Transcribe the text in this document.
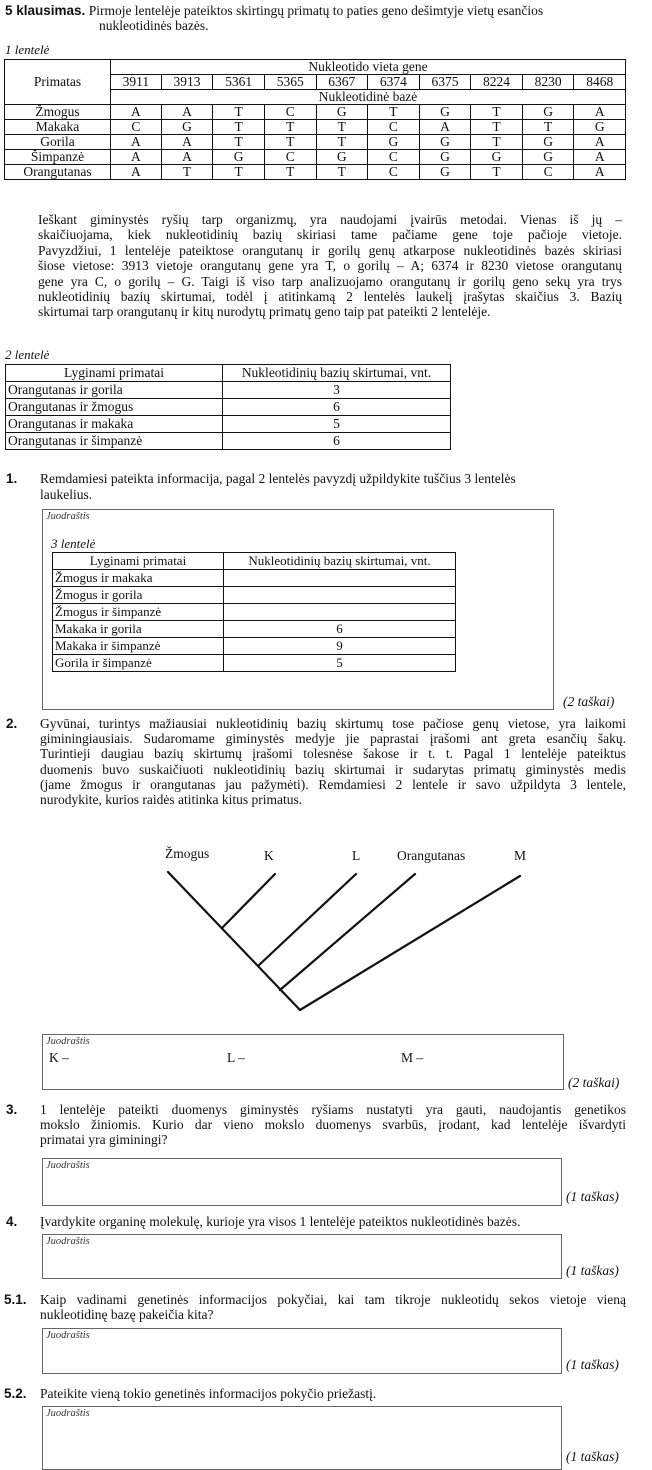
5 klausimas. Pirmoje lentelėje pateiktos skirtingų primatų to paties geno dešimtyje vietų esančios
nukleotidinės bazės.
1 lentelė
Primatas	Nukleotido vieta gene									
	3911	3913	5361	5365	6367	6374	6375	8224	8230	8468
	Nukleotidinė bazė									
Žmogus	A	A	T	C	G	T	G	T	G	A
Makaka	C	G	T	T	T	C	A	T	T	G
Gorila	A	A	T	T	T	G	G	T	G	A
Šimpanzė	A	A	G	C	G	C	G	G	G	A
Orangutanas	A	T	T	T	T	C	G	T	C	A
Ieškant giminystės ryšių tarp organizmų, yra naudojami įvairūs metodai. Vienas iš jų –
skaičiuojama, kiek nukleotidinių bazių skiriasi tame pačiame gene toje pačioje vietoje.
Pavyzdžiui, 1 lentelėje pateiktose orangutanų ir gorilų genų atkarpose nukleotidinės bazės skiriasi
šiose vietose: 3913 vietoje orangutanų gene yra T, o gorilų – A; 6374 ir 8230 vietose orangutanų
gene yra C, o gorilų – G. Taigi iš viso tarp analizuojamo orangutanų ir gorilų geno sekų yra trys
nukleotidinių bazių skirtumai, todėl į atitinkamą 2 lentelės laukelį įrašytas skaičius 3. Bazių
skirtumai tarp orangutanų ir kitų nurodytų primatų geno taip pat pateikti 2 lentelėje.
2 lentelė
Lyginami primatai	Nukleotidinių bazių skirtumai, vnt.
Orangutanas ir gorila	3
Orangutanas ir žmogus	6
Orangutanas ir makaka	5
Orangutanas ir šimpanzė	6
1. Remdamiesi pateikta informacija, pagal 2 lentelės pavyzdį užpildykite tuščius 3 lentelės
laukelius.
Juodraštis
3 lentelė
Lyginami primatai	Nukleotidinių bazių skirtumai, vnt.
Žmogus ir makaka	
Žmogus ir gorila	
Žmogus ir šimpanzė	
Makaka ir gorila	6
Makaka ir šimpanzė	9
Gorila ir šimpanzė	5
(2 taškai)
2. Gyvūnai, turintys mažiausiai nukleotidinių bazių skirtumų tose pačiose genų vietose, yra laikomi
giminingiausiais. Sudaromame giminystės medyje jie paprastai įrašomi ant greta esančių šakų.
Turintieji daugiau bazių skirtumų įrašomi tolesnėse šakose ir t. t. Pagal 1 lentelėje pateiktus
duomenis buvo suskaičiuoti nukleotidinių bazių skirtumai ir sudarytas primatų giminystės medis
(jame žmogus ir orangutanas jau pažymėti). Remdamiesi 2 lentele ir savo užpildyta 3 lentele,
nurodykite, kurios raidės atitinka kitus primatus.
Žmogus	K	L	Orangutanas	M
Juodraštis
K –	L –	M –
(2 taškai)
3. 1 lentelėje pateikti duomenys giminystės ryšiams nustatyti yra gauti, naudojantis genetikos
mokslo žiniomis. Kurio dar vieno mokslo duomenys svarbūs, įrodant, kad lentelėje išvardyti
primatai yra giminingi?
Juodraštis
(1 taškas)
4. Įvardykite organinę molekulę, kurioje yra visos 1 lentelėje pateiktos nukleotidinės bazės.
Juodraštis
(1 taškas)
5.1. Kaip vadinami genetinės informacijos pokyčiai, kai tam tikroje nukleotidų sekos vietoje vieną
nukleotidinę bazę pakeičia kita?
Juodraštis
(1 taškas)
5.2. Pateikite vieną tokio genetinės informacijos pokyčio priežastį.
Juodraštis
(1 taškas)
